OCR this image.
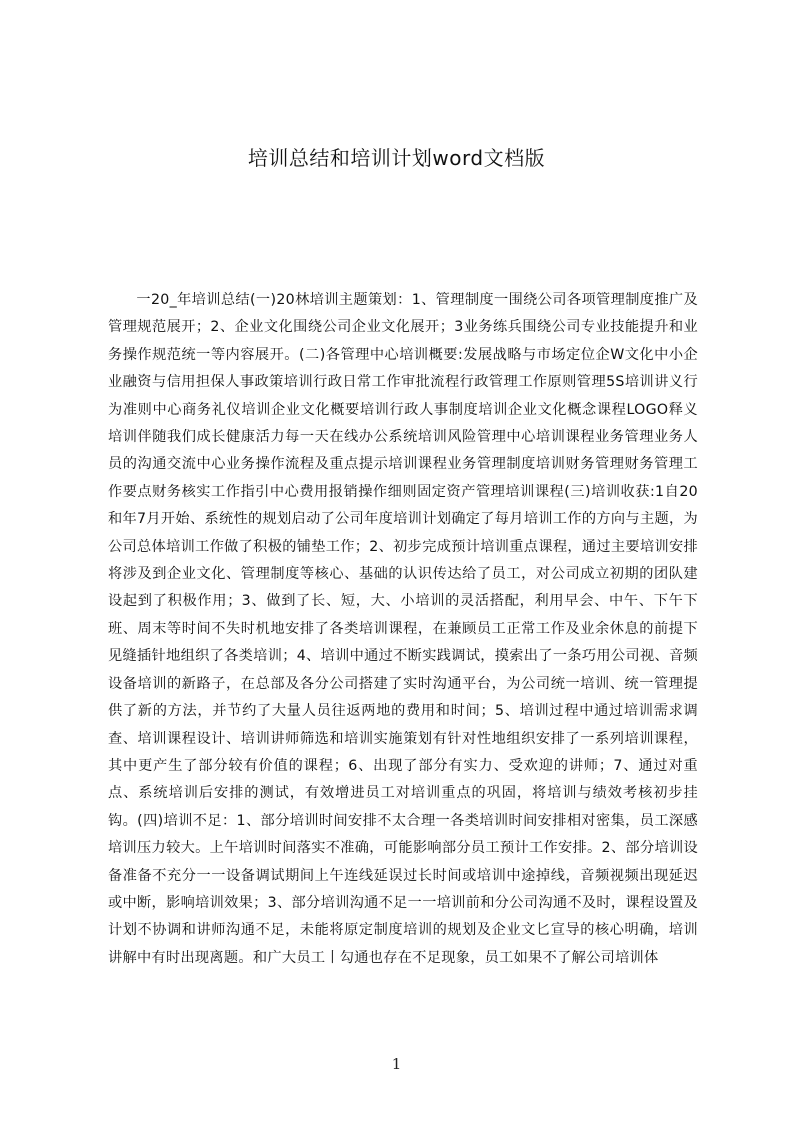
培训总结和培训计划word文档版

一20_年培训总结(一)20林培训主题策划：1、管理制度一围绕公司各项管理制度推广及管理规范展开；2、企业文化围绕公司企业文化展开；3业务练兵围绕公司专业技能提升和业务操作规范统一等内容展开。(二)各管理中心培训概要:发展战略与市场定位企W文化中小企业融资与信用担保人事政策培训行政日常工作审批流程行政管理工作原则管理5S培训讲义行为准则中心商务礼仪培训企业文化概要培训行政人事制度培训企业文化概念课程LOGO释义培训伴随我们成长健康活力每一天在线办公系统培训风险管理中心培训课程业务管理业务人员的沟通交流中心业务操作流程及重点提示培训课程业务管理制度培训财务管理财务管理工作要点财务核实工作指引中心费用报销操作细则固定资产管理培训课程(三)培训收获:1自20和年7月开始、系统性的规划启动了公司年度培训计划确定了每月培训工作的方向与主题，为公司总体培训工作做了积极的铺垫工作；2、初步完成预计培训重点课程，通过主要培训安排将涉及到企业文化、管理制度等核心、基础的认识传达给了员工，对公司成立初期的团队建设起到了积极作用；3、做到了长、短，大、小培训的灵活搭配，利用早会、中午、下午下班、周末等时间不失时机地安排了各类培训课程，在兼顾员工正常工作及业余休息的前提下见缝插针地组织了各类培训；4、培训中通过不断实践调试，摸索出了一条巧用公司视、音频设备培训的新路子，在总部及各分公司搭建了实时沟通平台，为公司统一培训、统一管理提供了新的方法，并节约了大量人员往返两地的费用和时间；5、培训过程中通过培训需求调查、培训课程设计、培训讲师筛选和培训实施策划有针对性地组织安排了一系列培训课程，其中更产生了部分较有价值的课程；6、出现了部分有实力、受欢迎的讲师；7、通过对重点、系统培训后安排的测试，有效增进员工对培训重点的巩固，将培训与绩效考核初步挂钩。(四)培训不足：1、部分培训时间安排不太合理一各类培训时间安排相对密集，员工深感培训压力较大。上午培训时间落实不准确，可能影响部分员工预计工作安排。2、部分培训设备准备不充分一一设备调试期间上午连线延误过长时间或培训中途掉线，音频视频出现延迟或中断，影响培训效果；3、部分培训沟通不足一一培训前和分公司沟通不及时，课程设置及计划不协调和讲师沟通不足，未能将原定制度培训的规划及企业文匕宣导的核心明确，培训讲解中有时出现离题。和广大员工丨勾通也存在不足现象，员工如果不了解公司培训体

1
